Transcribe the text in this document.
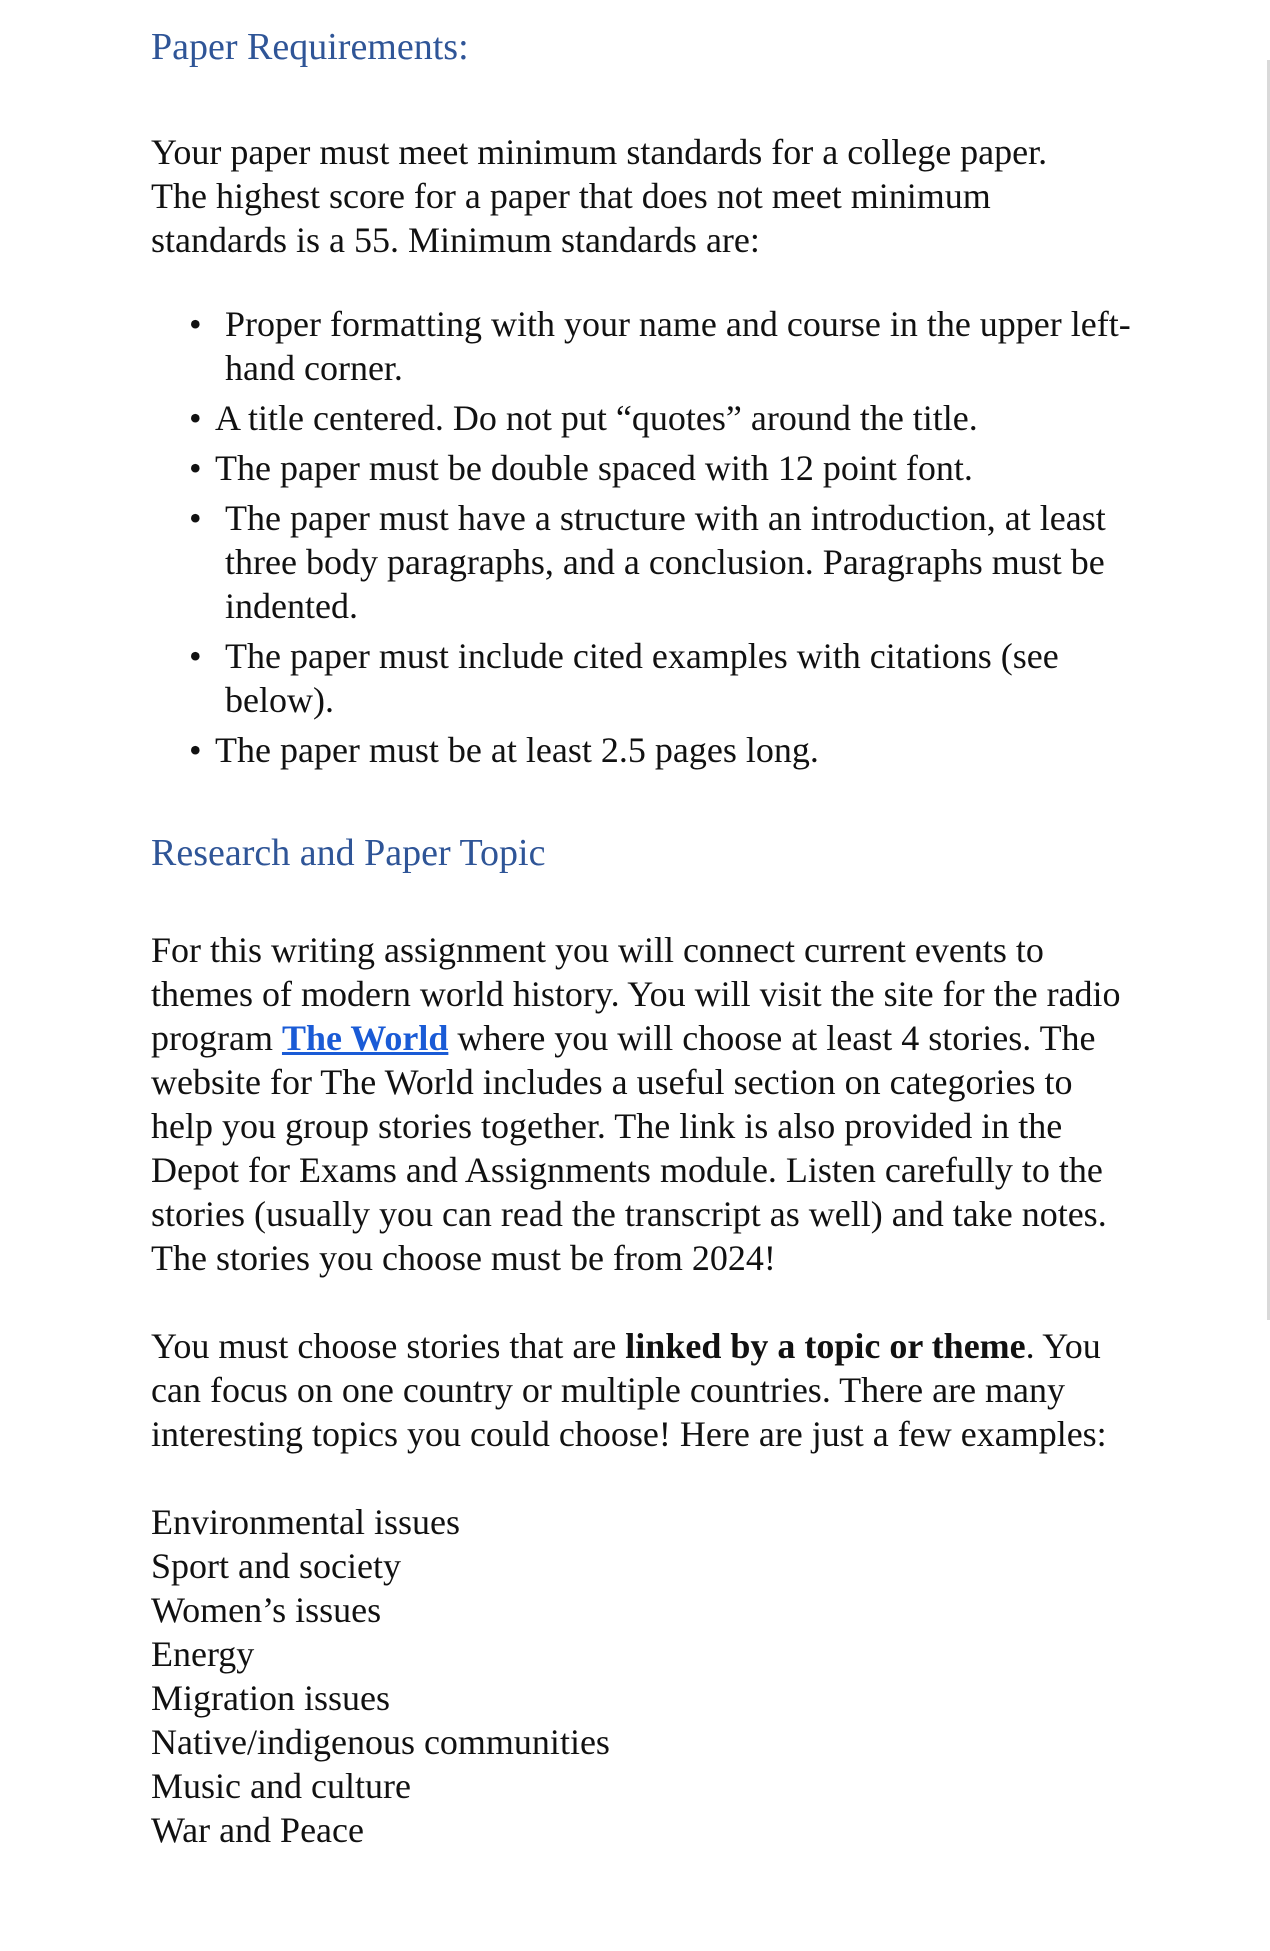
Paper Requirements:

Your paper must meet minimum standards for a college paper.
The highest score for a paper that does not meet minimum
standards is a 55. Minimum standards are:

• Proper formatting with your name and course in the upper left-hand corner.
• A title centered. Do not put “quotes” around the title.
• The paper must be double spaced with 12 point font.
• The paper must have a structure with an introduction, at least three body paragraphs, and a conclusion. Paragraphs must be indented.
• The paper must include cited examples with citations (see below).
• The paper must be at least 2.5 pages long.
Research and Paper Topic

For this writing assignment you will connect current events to themes of modern world history. You will visit the site for the radio program The World where you will choose at least 4 stories. The website for The World includes a useful section on categories to help you group stories together. The link is also provided in the Depot for Exams and Assignments module. Listen carefully to the stories (usually you can read the transcript as well) and take notes. The stories you choose must be from 2024!

You must choose stories that are linked by a topic or theme. You can focus on one country or multiple countries. There are many interesting topics you could choose! Here are just a few examples:

Environmental issues
Sport and society
Women’s issues
Energy
Migration issues
Native/indigenous communities
Music and culture
War and Peace
